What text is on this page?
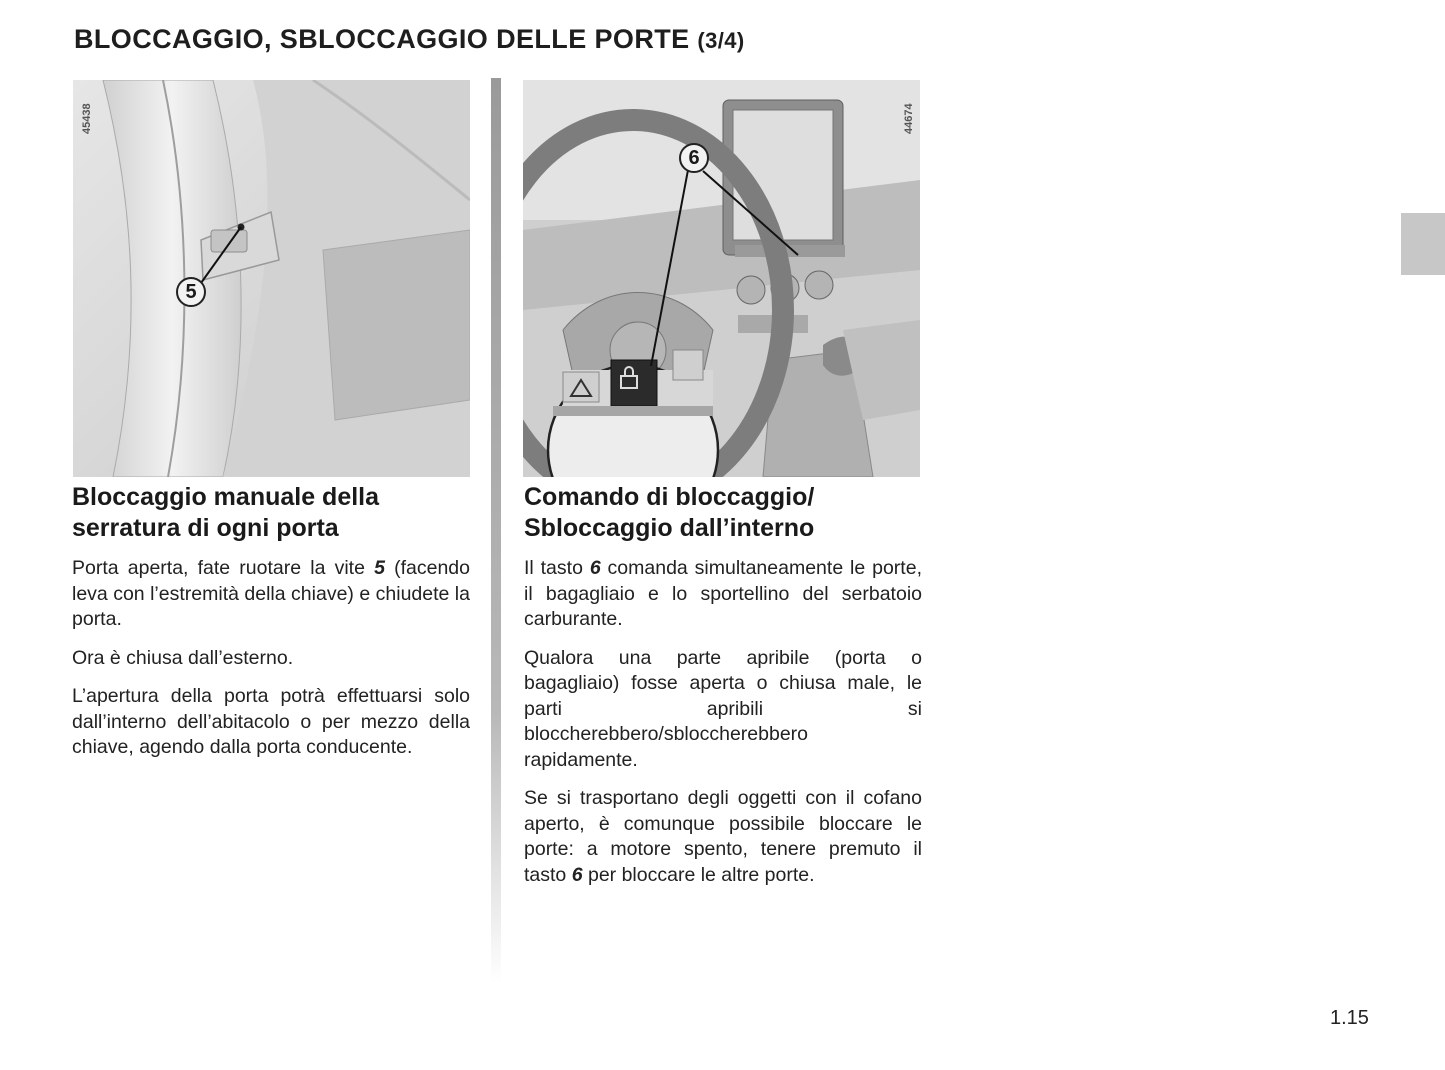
BLOCCAGGIO, SBLOCCAGGIO DELLE PORTE (3/4)
45438
5
44674
6
Bloccaggio manuale della
serratura di ogni porta

Porta aperta, fate ruotare la vite 5 (facendo leva con l’estremità della chiave) e chiudete la porta.

Ora è chiusa dall’esterno.

L’apertura della porta potrà effettuarsi solo dall’interno dell’abitacolo o per mezzo della chiave, agendo dalla porta conducente.

Comando di bloccaggio/
Sbloccaggio dall’interno

Il tasto 6 comanda simultaneamente le porte, il bagagliaio e lo sportellino del serbatoio carburante.

Qualora una parte apribile (porta o bagagliaio) fosse aperta o chiusa male, le parti apribili si bloccherebbero/sbloccherebbero rapidamente.

Se si trasportano degli oggetti con il cofano aperto, è comunque possibile bloccare le porte: a motore spento, tenere premuto il tasto 6 per bloccare le altre porte.

1.15
